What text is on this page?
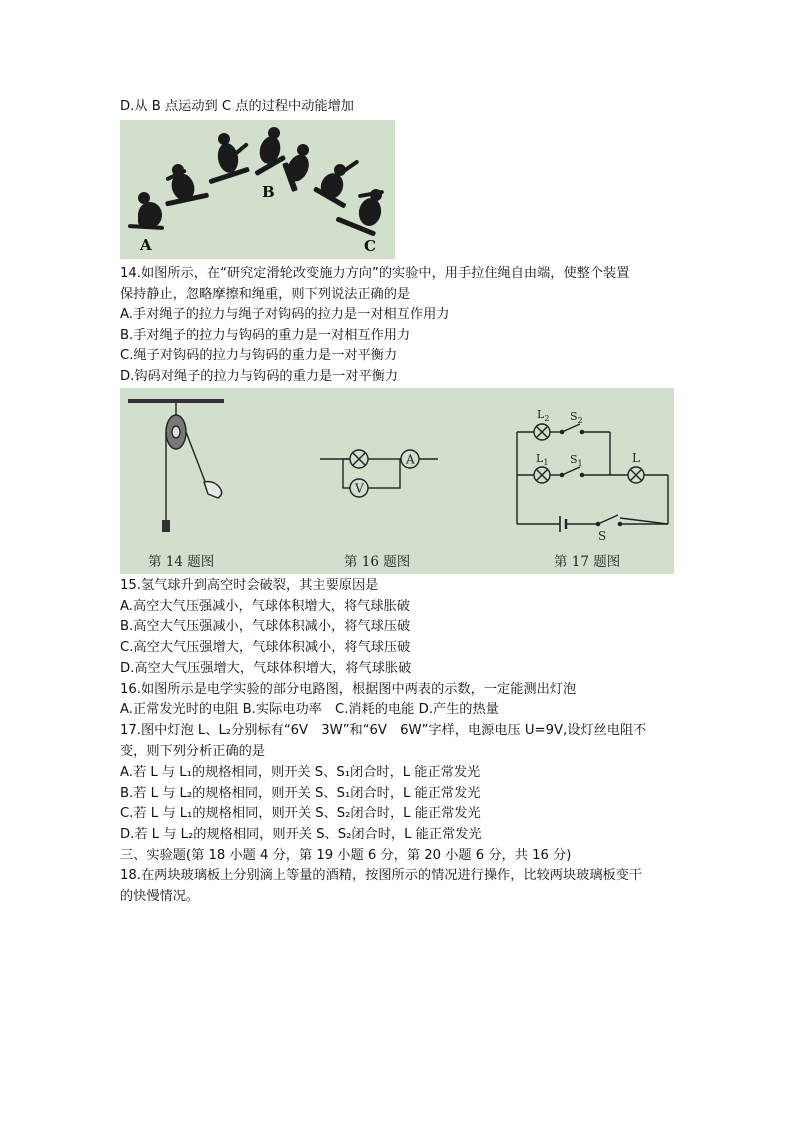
D.从 B 点运动到 C 点的过程中动能增加
A
B
C
14.如图所示，在“研究定滑轮改变施力方向”的实验中，用手拉住绳自由端，使整个装置
保持静止，忽略摩擦和绳重，则下列说法正确的是
A.手对绳子的拉力与绳子对钩码的拉力是一对相互作用力
B.手对绳子的拉力与钩码的重力是一对相互作用力
C.绳子对钩码的拉力与钩码的重力是一对平衡力
D.钩码对绳子的拉力与钩码的重力是一对平衡力
A
V
$L_2$ $S_2$
$L_1$ $S_1$	L
S
第 14 题图	第 16 题图	第 17 题图
15.氢气球升到高空时会破裂，其主要原因是
A.高空大气压强减小，气球体积增大，将气球胀破
B.高空大气压强减小，气球体积减小，将气球压破
C.高空大气压强增大，气球体积减小，将气球压破
D.高空大气压强增大，气球体积增大，将气球胀破
16.如图所示是电学实验的部分电路图，根据图中两表的示数，一定能测出灯泡
A.正常发光时的电阻 B.实际电功率　C.消耗的电能 D.产生的热量
17.图中灯泡 L、L₂分别标有“6V　3W”和“6V　6W”字样，电源电压 U=9V,设灯丝电阻不
变，则下列分析正确的是
A.若 L 与 L₁的规格相同，则开关 S、S₁闭合时，L 能正常发光
B.若 L 与 L₂的规格相同，则开关 S、S₁闭合时，L 能正常发光
C.若 L 与 L₁的规格相同，则开关 S、S₂闭合时，L 能正常发光
D.若 L 与 L₂的规格相同，则开关 S、S₂闭合时，L 能正常发光
三、实验题(第 18 小题 4 分，第 19 小题 6 分，第 20 小题 6 分，共 16 分)
18.在两块玻璃板上分别滴上等量的酒精，按图所示的情况进行操作，比较两块玻璃板变干
的快慢情况。
